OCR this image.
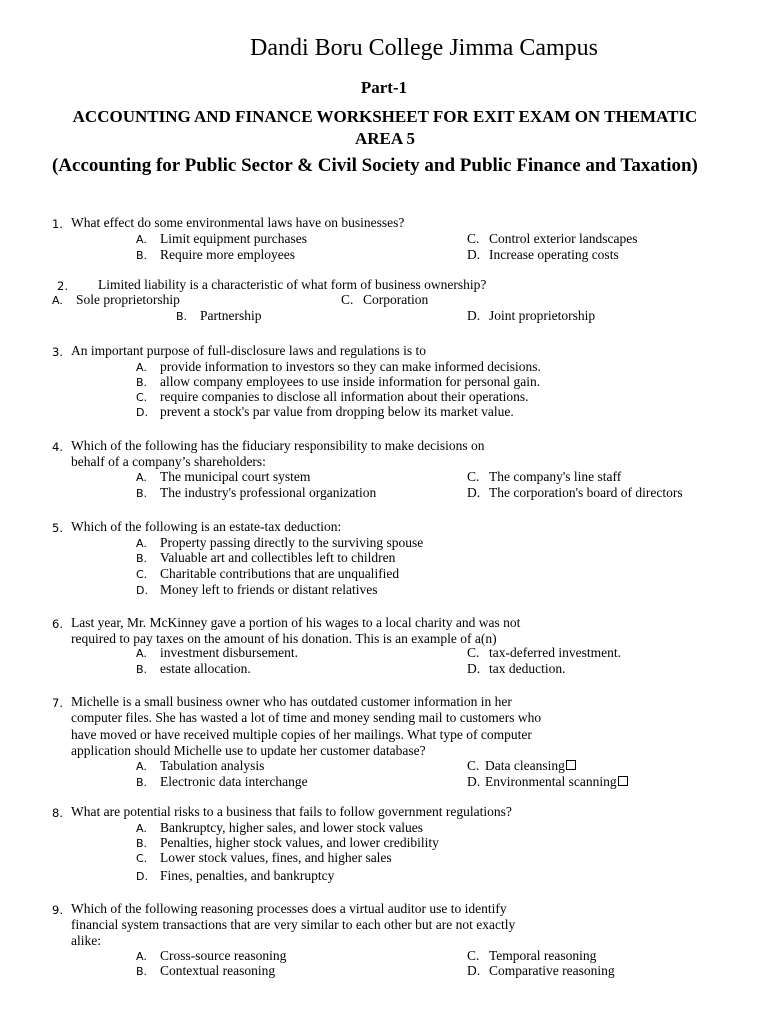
Dandi Boru College Jimma Campus
Part-1
ACCOUNTING AND FINANCE WORKSHEET FOR EXIT EXAM ON THEMATIC AREA 5
(Accounting for Public Sector & Civil Society and Public Finance and Taxation)
1. What effect do some environmental laws have on businesses?
A. Limit equipment purchases	C. Control exterior landscapes
B. Require more employees	D. Increase operating costs
2.	Limited liability is a characteristic of what form of business ownership?
A. Sole proprietorship	C. Corporation
B. Partnership	D. Joint proprietorship
3. An important purpose of full-disclosure laws and regulations is to
A. provide information to investors so they can make informed decisions.
B. allow company employees to use inside information for personal gain.
C. require companies to disclose all information about their operations.
D. prevent a stock's par value from dropping below its market value.
4. Which of the following has the fiduciary responsibility to make decisions on
behalf of a company’s shareholders:
A. The municipal court system	C. The company's line staff
B. The industry's professional organization	D. The corporation's board of directors
5. Which of the following is an estate-tax deduction:
A. Property passing directly to the surviving spouse
B. Valuable art and collectibles left to children
C. Charitable contributions that are unqualified
D. Money left to friends or distant relatives
6. Last year, Mr. McKinney gave a portion of his wages to a local charity and was not
required to pay taxes on the amount of his donation. This is an example of a(n)
A. investment disbursement.	C. tax-deferred investment.
B. estate allocation.	D. tax deduction.
7. Michelle is a small business owner who has outdated customer information in her
computer files. She has wasted a lot of time and money sending mail to customers who
have moved or have received multiple copies of her mailings. What type of computer
application should Michelle use to update her customer database?
A. Tabulation analysis	C. Data cleansing
B. Electronic data interchange	D. Environmental scanning
8. What are potential risks to a business that fails to follow government regulations?
A. Bankruptcy, higher sales, and lower stock values
B. Penalties, higher stock values, and lower credibility
C. Lower stock values, fines, and higher sales
D. Fines, penalties, and bankruptcy
9. Which of the following reasoning processes does a virtual auditor use to identify
financial system transactions that are very similar to each other but are not exactly
alike:
A. Cross-source reasoning	C. Temporal reasoning
B. Contextual reasoning	D. Comparative reasoning
